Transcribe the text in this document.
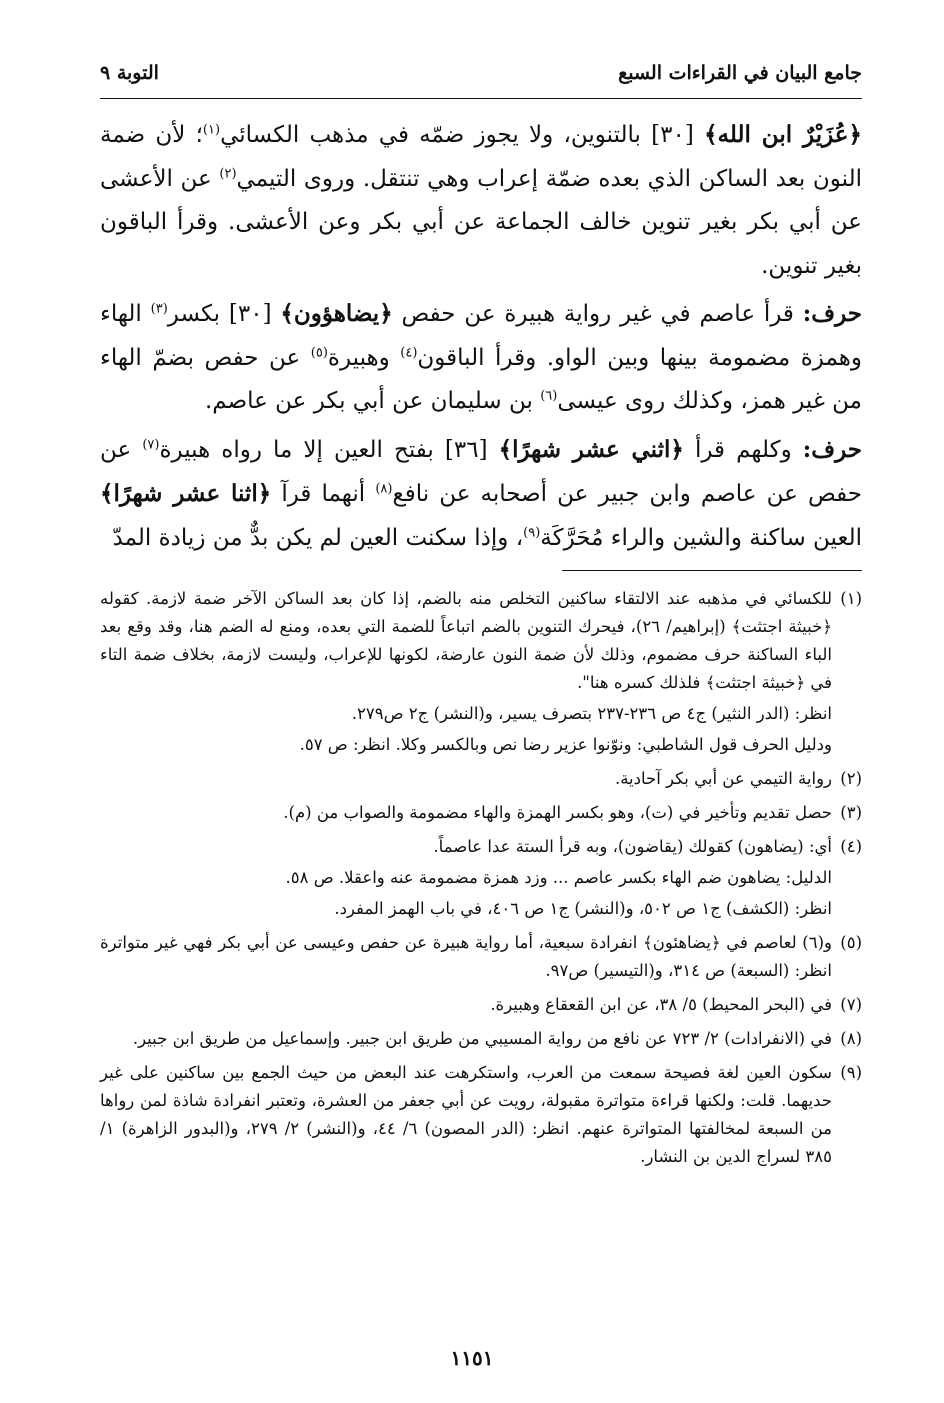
جامع البيان في القراءات السبع
التوبة ٩

﴿عُزَيْرٌ ابن الله﴾ [٣٠] بالتنوين، ولا يجوز ضمّه في مذهب الكسائي$^{(١)}$؛ لأن ضمة النون بعد الساكن الذي بعده ضمّة إعراب وهي تنتقل. وروى التيمي$^{(٢)}$ عن الأعشى عن أبي بكر بغير تنوين خالف الجماعة عن أبي بكر وعن الأعشى. وقرأ الباقون بغير تنوين.

حرف: قرأ عاصم في غير رواية هبيرة عن حفص ﴿يضاهؤون﴾ [٣٠] بكسر$^{(٣)}$ الهاء وهمزة مضمومة بينها وبين الواو. وقرأ الباقون$^{(٤)}$ وهبيرة$^{(٥)}$ عن حفص بضمّ الهاء من غير همز، وكذلك روى عيسى$^{(٦)}$ بن سليمان عن أبي بكر عن عاصم.

حرف: وكلهم قرأ ﴿اثني عشر شهرًا﴾ [٣٦] بفتح العين إلا ما رواه هبيرة$^{(٧)}$ عن حفص عن عاصم وابن جبير عن أصحابه عن نافع$^{(٨)}$ أنهما قرآ ﴿اثنا عشر شهرًا﴾ العين ساكنة والشين والراء مُحَرَّكَة$^{(٩)}$، وإذا سكنت العين لم يكن بدٌّ من زيادة المدّ

(١)

للكسائي في مذهبه عند الالتقاء ساكنين التخلص منه بالضم، إذا كان بعد الساكن الآخر ضمة لازمة. كقوله ﴿خبيثة اجتثت﴾ (إبراهيم/ ٢٦)، فيحرك التنوين بالضم اتباعاً للضمة التي بعده، ومنع له الضم هنا، وقد وقع بعد الباء الساكنة حرف مضموم، وذلك لأن ضمة النون عارضة، لكونها للإعراب، وليست لازمة، بخلاف ضمة التاء في ﴿خبيثة اجتثت﴾ فلذلك كسره هنا".

انظر: (الدر النثير) ج٤ ص ٢٣٦-٢٣٧ بتصرف يسير، و(النشر) ج٢ ص٢٧٩.

ودليل الحرف قول الشاطبي: ونوّنوا عزير رضا نص وبالكسر وكلا. انظر: ص ٥٧.

(٢)

رواية التيمي عن أبي بكر آحادية.

(٣)

حصل تقديم وتأخير في (ت)، وهو بكسر الهمزة والهاء مضمومة والصواب من (م).

(٤)

أي: (يضاهون) كقولك (يقاضون)، وبه قرأ الستة عدا عاصماً.

الدليل: يضاهون ضم الهاء بكسر عاصم ... وزد همزة مضمومة عنه واعقلا. ص ٥٨.

انظر: (الكشف) ج١ ص ٥٠٢، و(النشر) ج١ ص ٤٠٦، في باب الهمز المفرد.

(٥)

و(٦) لعاصم في ﴿يضاهئون﴾ انفرادة سبعية، أما رواية هبيرة عن حفص وعيسى عن أبي بكر فهي غير متواترة انظر: (السبعة) ص ٣١٤، و(التيسير) ص٩٧.

(٧)

في (البحر المحيط) ٥/ ٣٨، عن ابن القعقاع وهبيرة.

(٨)

في (الانفرادات) ٢/ ٧٢٣ عن نافع من رواية المسيبي من طريق ابن جبير. وإسماعيل من طريق ابن جبير.

(٩)

سكون العين لغة فصيحة سمعت من العرب، واستكرهت عند البعض من حيث الجمع بين ساكنين على غير حديهما. قلت: ولكنها قراءة متواترة مقبولة، رويت عن أبي جعفر من العشرة، وتعتبر انفرادة شاذة لمن رواها من السبعة لمخالفتها المتواترة عنهم. انظر: (الدر المصون) ٦/ ٤٤، و(النشر) ٢/ ٢٧٩، و(البدور الزاهرة) ١/ ٣٨٥ لسراج الدين بن النشار.

١١٥١
